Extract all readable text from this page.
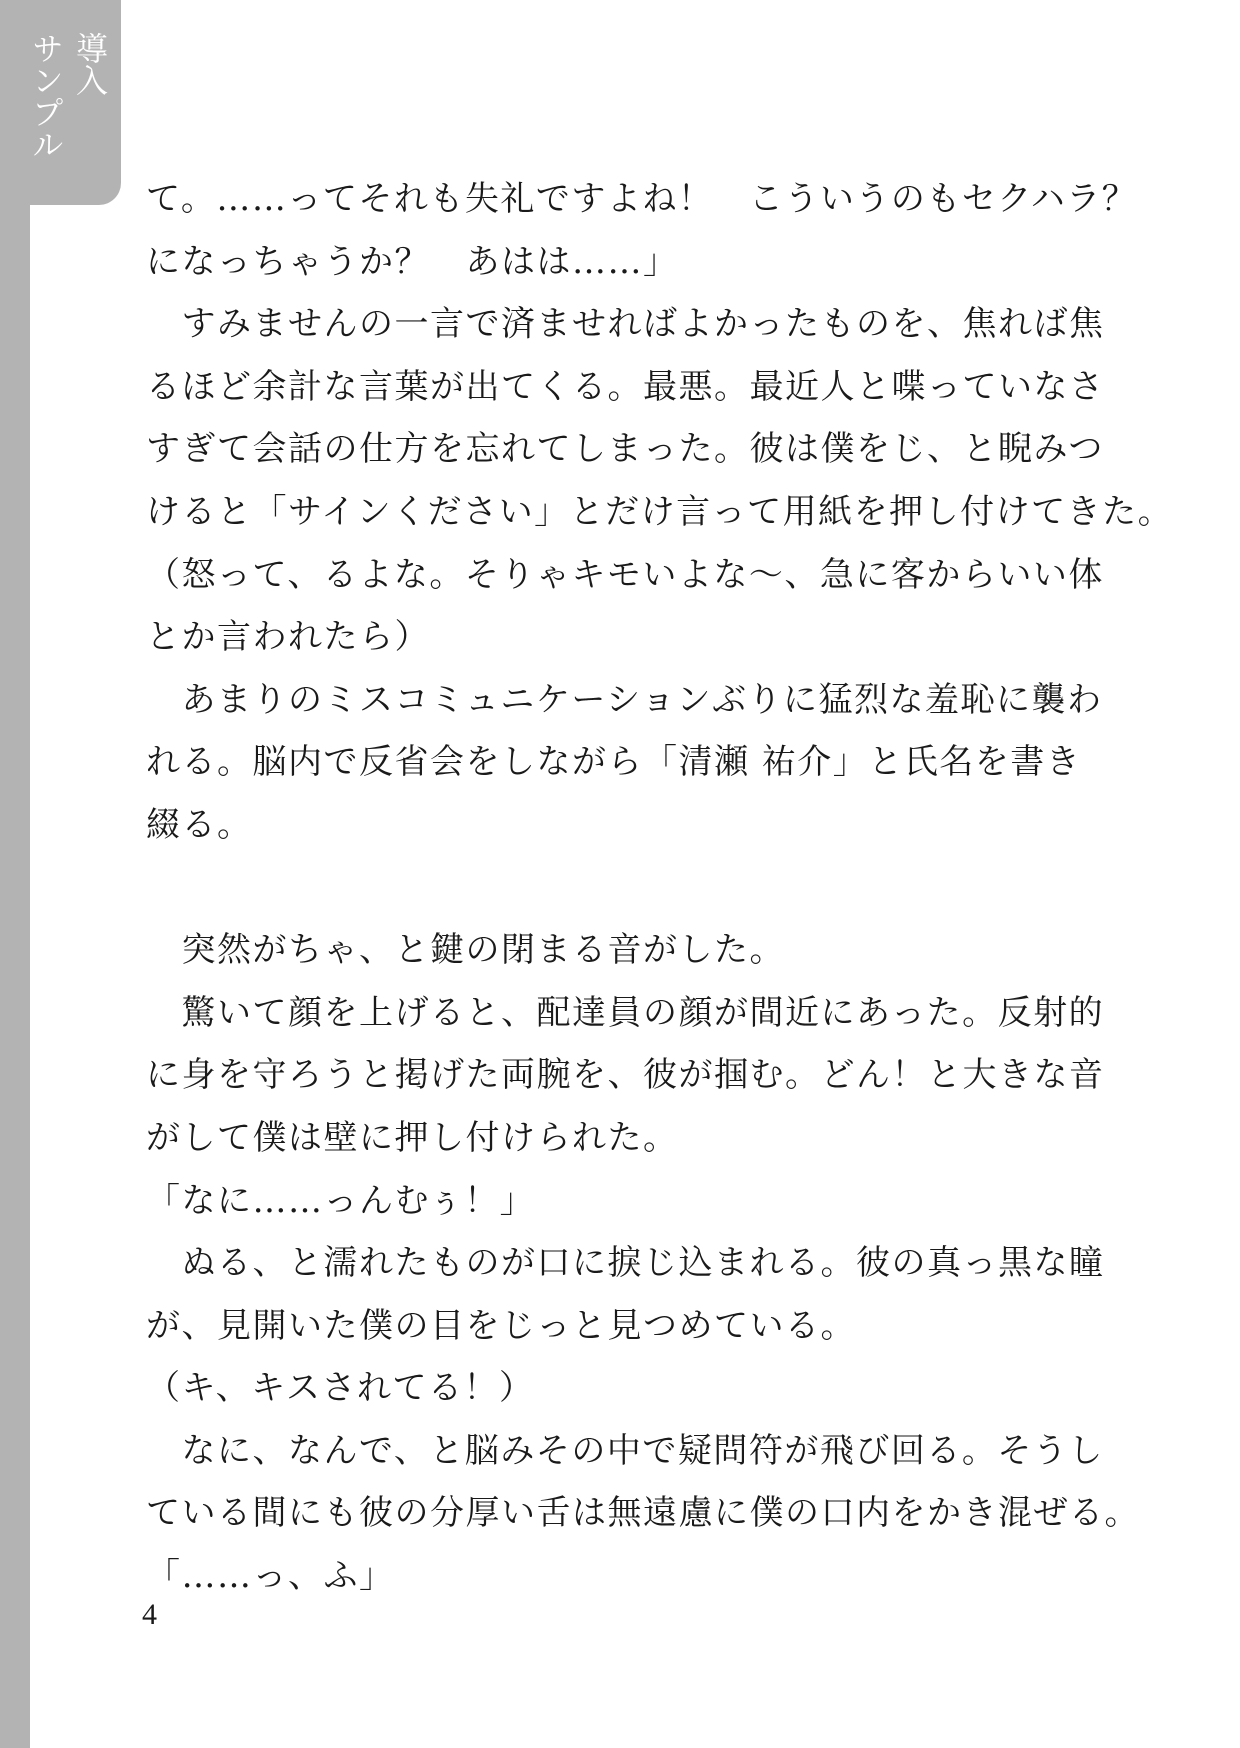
導入
サンプル
て。……ってそれも失礼ですよね！　こういうのもセクハラ？
になっちゃうか？　あはは……」
　すみませんの一言で済ませればよかったものを、焦れば焦
るほど余計な言葉が出てくる。最悪。最近人と喋っていなさ
すぎて会話の仕方を忘れてしまった。彼は僕をじ、と睨みつ
けると「サインください」とだけ言って用紙を押し付けてきた。
（怒って、るよな。そりゃキモいよな〜、急に客からいい体
とか言われたら）
　あまりのミスコミュニケーションぶりに猛烈な羞恥に襲わ
れる。脳内で反省会をしながら「清瀬 祐介」と氏名を書き
綴る。
　突然がちゃ、と鍵の閉まる音がした。
　驚いて顔を上げると、配達員の顔が間近にあった。反射的
に身を守ろうと掲げた両腕を、彼が掴む。どん！と大きな音
がして僕は壁に押し付けられた。
「なに……っんむぅ！」
　ぬる、と濡れたものが口に捩じ込まれる。彼の真っ黒な瞳
が、見開いた僕の目をじっと見つめている。
（キ、キスされてる！）
　なに、なんで、と脳みその中で疑問符が飛び回る。そうし
ている間にも彼の分厚い舌は無遠慮に僕の口内をかき混ぜる。
「……っ、ふ」
4
